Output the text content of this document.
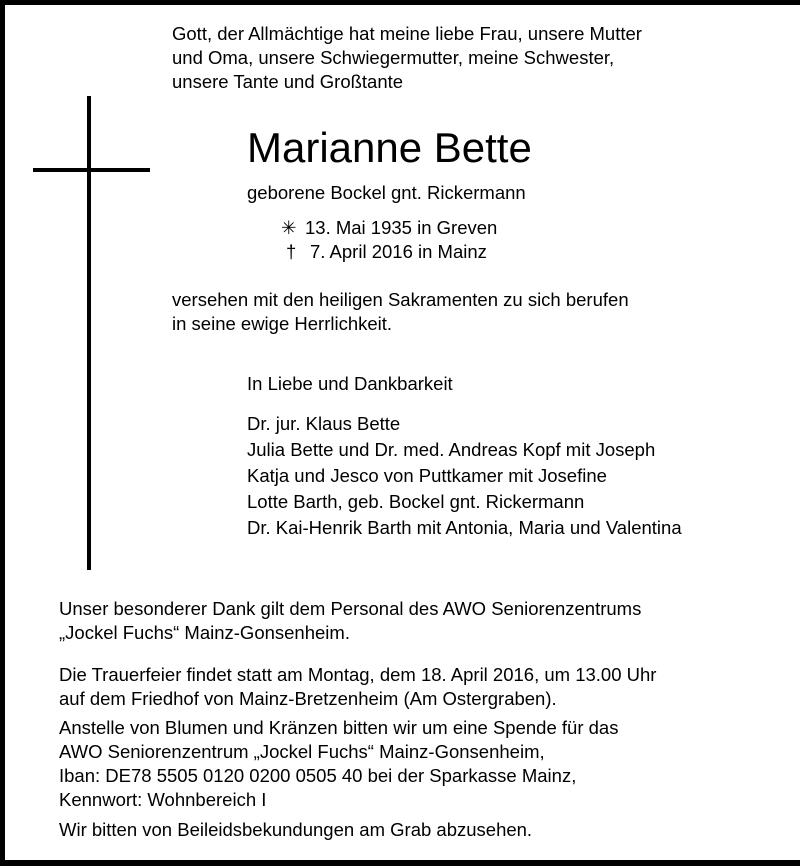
Gott, der Allmächtige hat meine liebe Frau, unsere Mutter
und Oma, unsere Schwiegermutter, meine Schwester,
unsere Tante und Großtante
Marianne Bette
geborene Bockel gnt. Rickermann
✳ 13. Mai 1935 in Greven
† 7. April 2016 in Mainz
versehen mit den heiligen Sakramenten zu sich berufen
in seine ewige Herrlichkeit.
In Liebe und Dankbarkeit
Dr. jur. Klaus Bette
Julia Bette und Dr. med. Andreas Kopf mit Joseph
Katja und Jesco von Puttkamer mit Josefine
Lotte Barth, geb. Bockel gnt. Rickermann
Dr. Kai-Henrik Barth mit Antonia, Maria und Valentina
Unser besonderer Dank gilt dem Personal des AWO Seniorenzentrums
„Jockel Fuchs“ Mainz-Gonsenheim.
Die Trauerfeier findet statt am Montag, dem 18. April 2016, um 13.00 Uhr
auf dem Friedhof von Mainz-Bretzenheim (Am Ostergraben).
Anstelle von Blumen und Kränzen bitten wir um eine Spende für das
AWO Seniorenzentrum „Jockel Fuchs“ Mainz-Gonsenheim,
Iban: DE78 5505 0120 0200 0505 40 bei der Sparkasse Mainz,
Kennwort: Wohnbereich I
Wir bitten von Beileidsbekundungen am Grab abzusehen.
